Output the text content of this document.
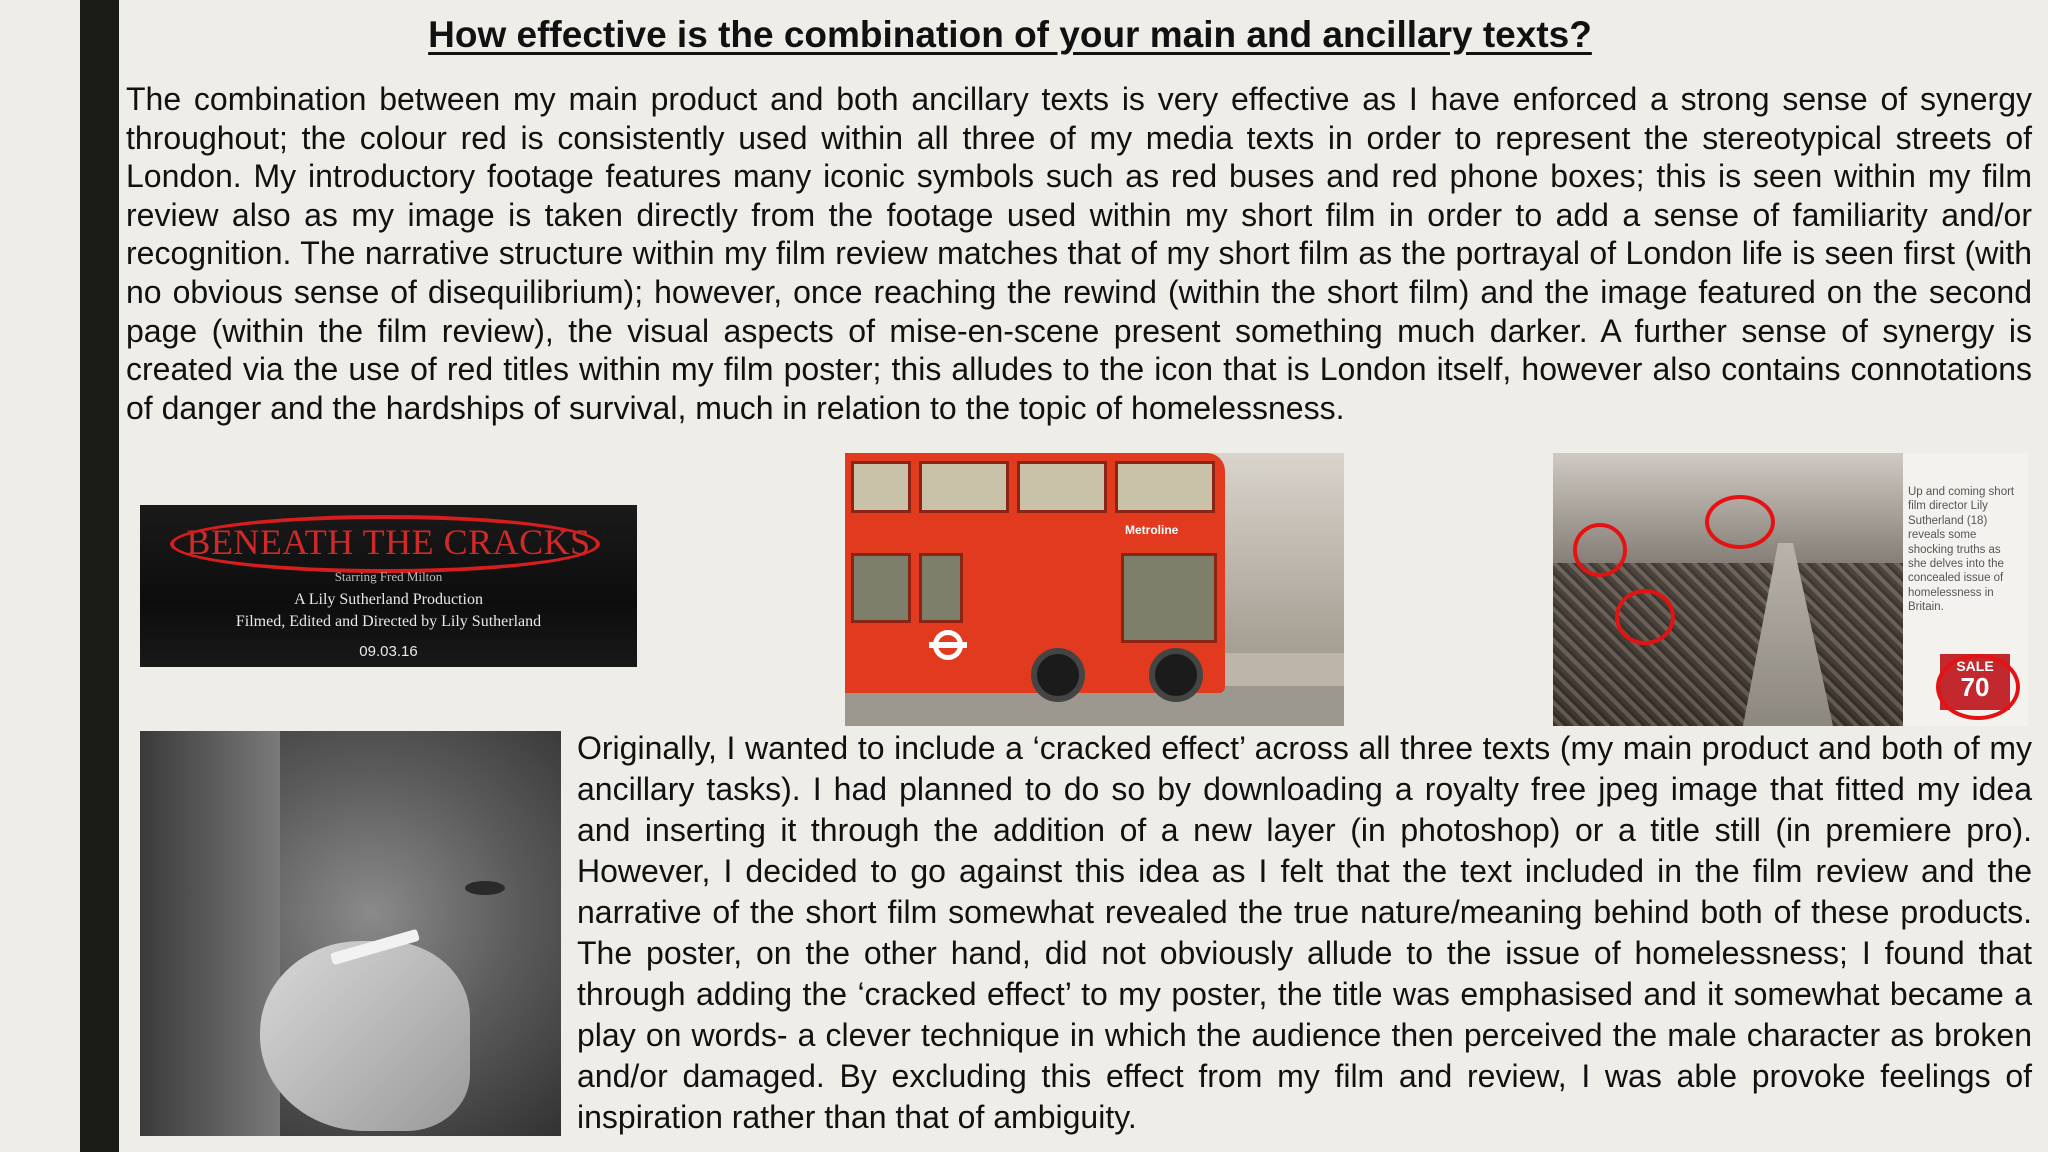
How effective is the combination of your main and ancillary texts?

The combination between my main product and both ancillary texts is very effective as I have enforced a strong sense of synergy throughout; the colour red is consistently used within all three of my media texts in order to represent the stereotypical streets of London. My introductory footage features many iconic symbols such as red buses and red phone boxes; this is seen within my film review also as my image is taken directly from the footage used within my short film in order to add a sense of familiarity and/or recognition. The narrative structure within my film review matches that of my short film as the portrayal of London life is seen first (with no obvious sense of disequilibrium); however, once reaching the rewind (within the short film) and the image featured on the second page (within the film review), the visual aspects of mise-en-scene present something much darker. A further sense of synergy is created via the use of red titles within my film poster; this alludes to the icon that is London itself, however also contains connotations of danger and the hardships of survival, much in relation to the topic of homelessness.

BENEATH THE CRACKS
Starring Fred Milton
A Lily Sutherland Production
Filmed, Edited and Directed by Lily Sutherland
09.03.16
Metroline
Up and coming short film director Lily Sutherland (18) reveals some shocking truths as she delves into the concealed issue of homelessness in Britain.
SALE
70

Originally, I wanted to include a ‘cracked effect’ across all three texts (my main product and both of my ancillary tasks). I had planned to do so by downloading a royalty free jpeg image that fitted my idea and inserting it through the addition of a new layer (in photoshop) or a title still (in premiere pro). However, I decided to go against this idea as I felt that the text included in the film review and the narrative of the short film somewhat revealed the true nature/meaning behind both of these products. The poster, on the other hand, did not obviously allude to the issue of homelessness; I found that through adding the ‘cracked effect’ to my poster, the title was emphasised and it somewhat became a play on words- a clever technique in which the audience then perceived the male character as broken and/or damaged. By excluding this effect from my film and review, I was able provoke feelings of inspiration rather than that of ambiguity.
